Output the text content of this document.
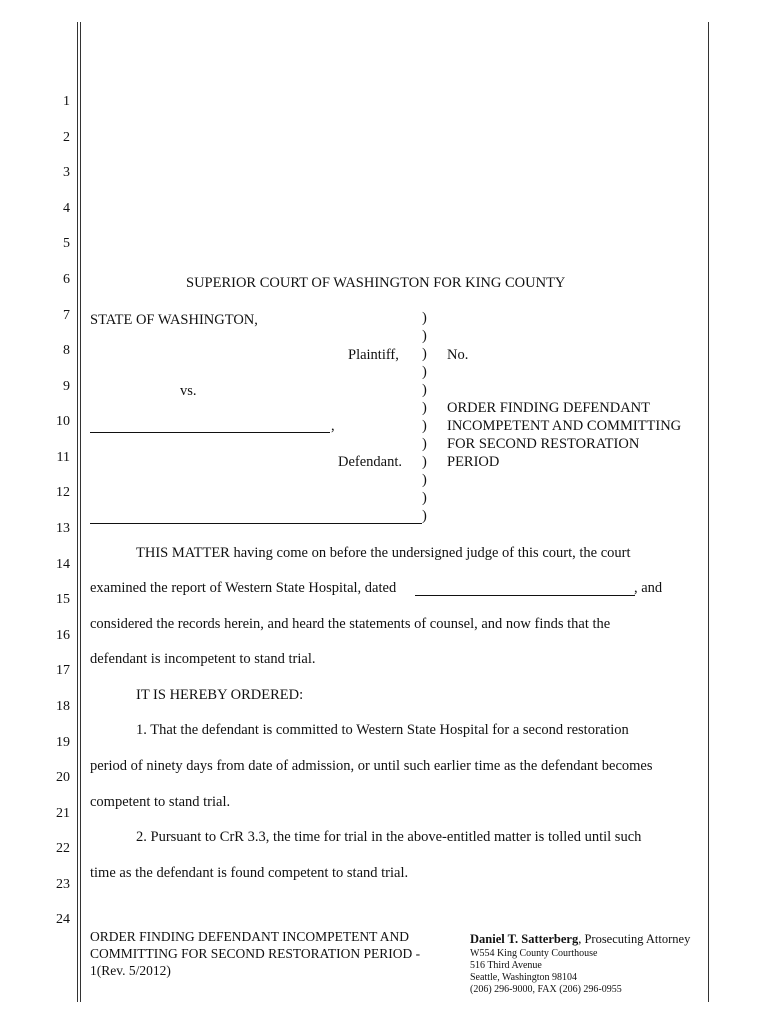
1
2
3
4
5
6
7
8
9
10
11
12
13
14
15
16
17
18
19
20
21
22
23
24
SUPERIOR COURT OF WASHINGTON FOR KING COUNTY
STATE OF WASHINGTON,
Plaintiff,
vs.
,
Defendant.
)
)
)
)
)
)
)
)
)
)
)
)
No.
ORDER FINDING DEFENDANT
INCOMPETENT AND COMMITTING
FOR SECOND RESTORATION
PERIOD
THIS MATTER having come on before the undersigned judge of this court, the court
examined the report of Western State Hospital, dated	, and
considered the records herein, and heard the statements of counsel, and now finds that the
defendant is incompetent to stand trial.
IT IS HEREBY ORDERED:
1. That the defendant is committed to Western State Hospital for a second restoration
period of ninety days from date of admission, or until such earlier time as the defendant becomes
competent to stand trial.
2. Pursuant to CrR 3.3, the time for trial in the above-entitled matter is tolled until such
time as the defendant is found competent to stand trial.
ORDER FINDING DEFENDANT INCOMPETENT AND
COMMITTING FOR SECOND RESTORATION PERIOD -
1(Rev. 5/2012)
Daniel T. Satterberg, Prosecuting Attorney
W554 King County Courthouse
516 Third Avenue
Seattle, Washington 98104
(206) 296-9000, FAX (206) 296-0955
